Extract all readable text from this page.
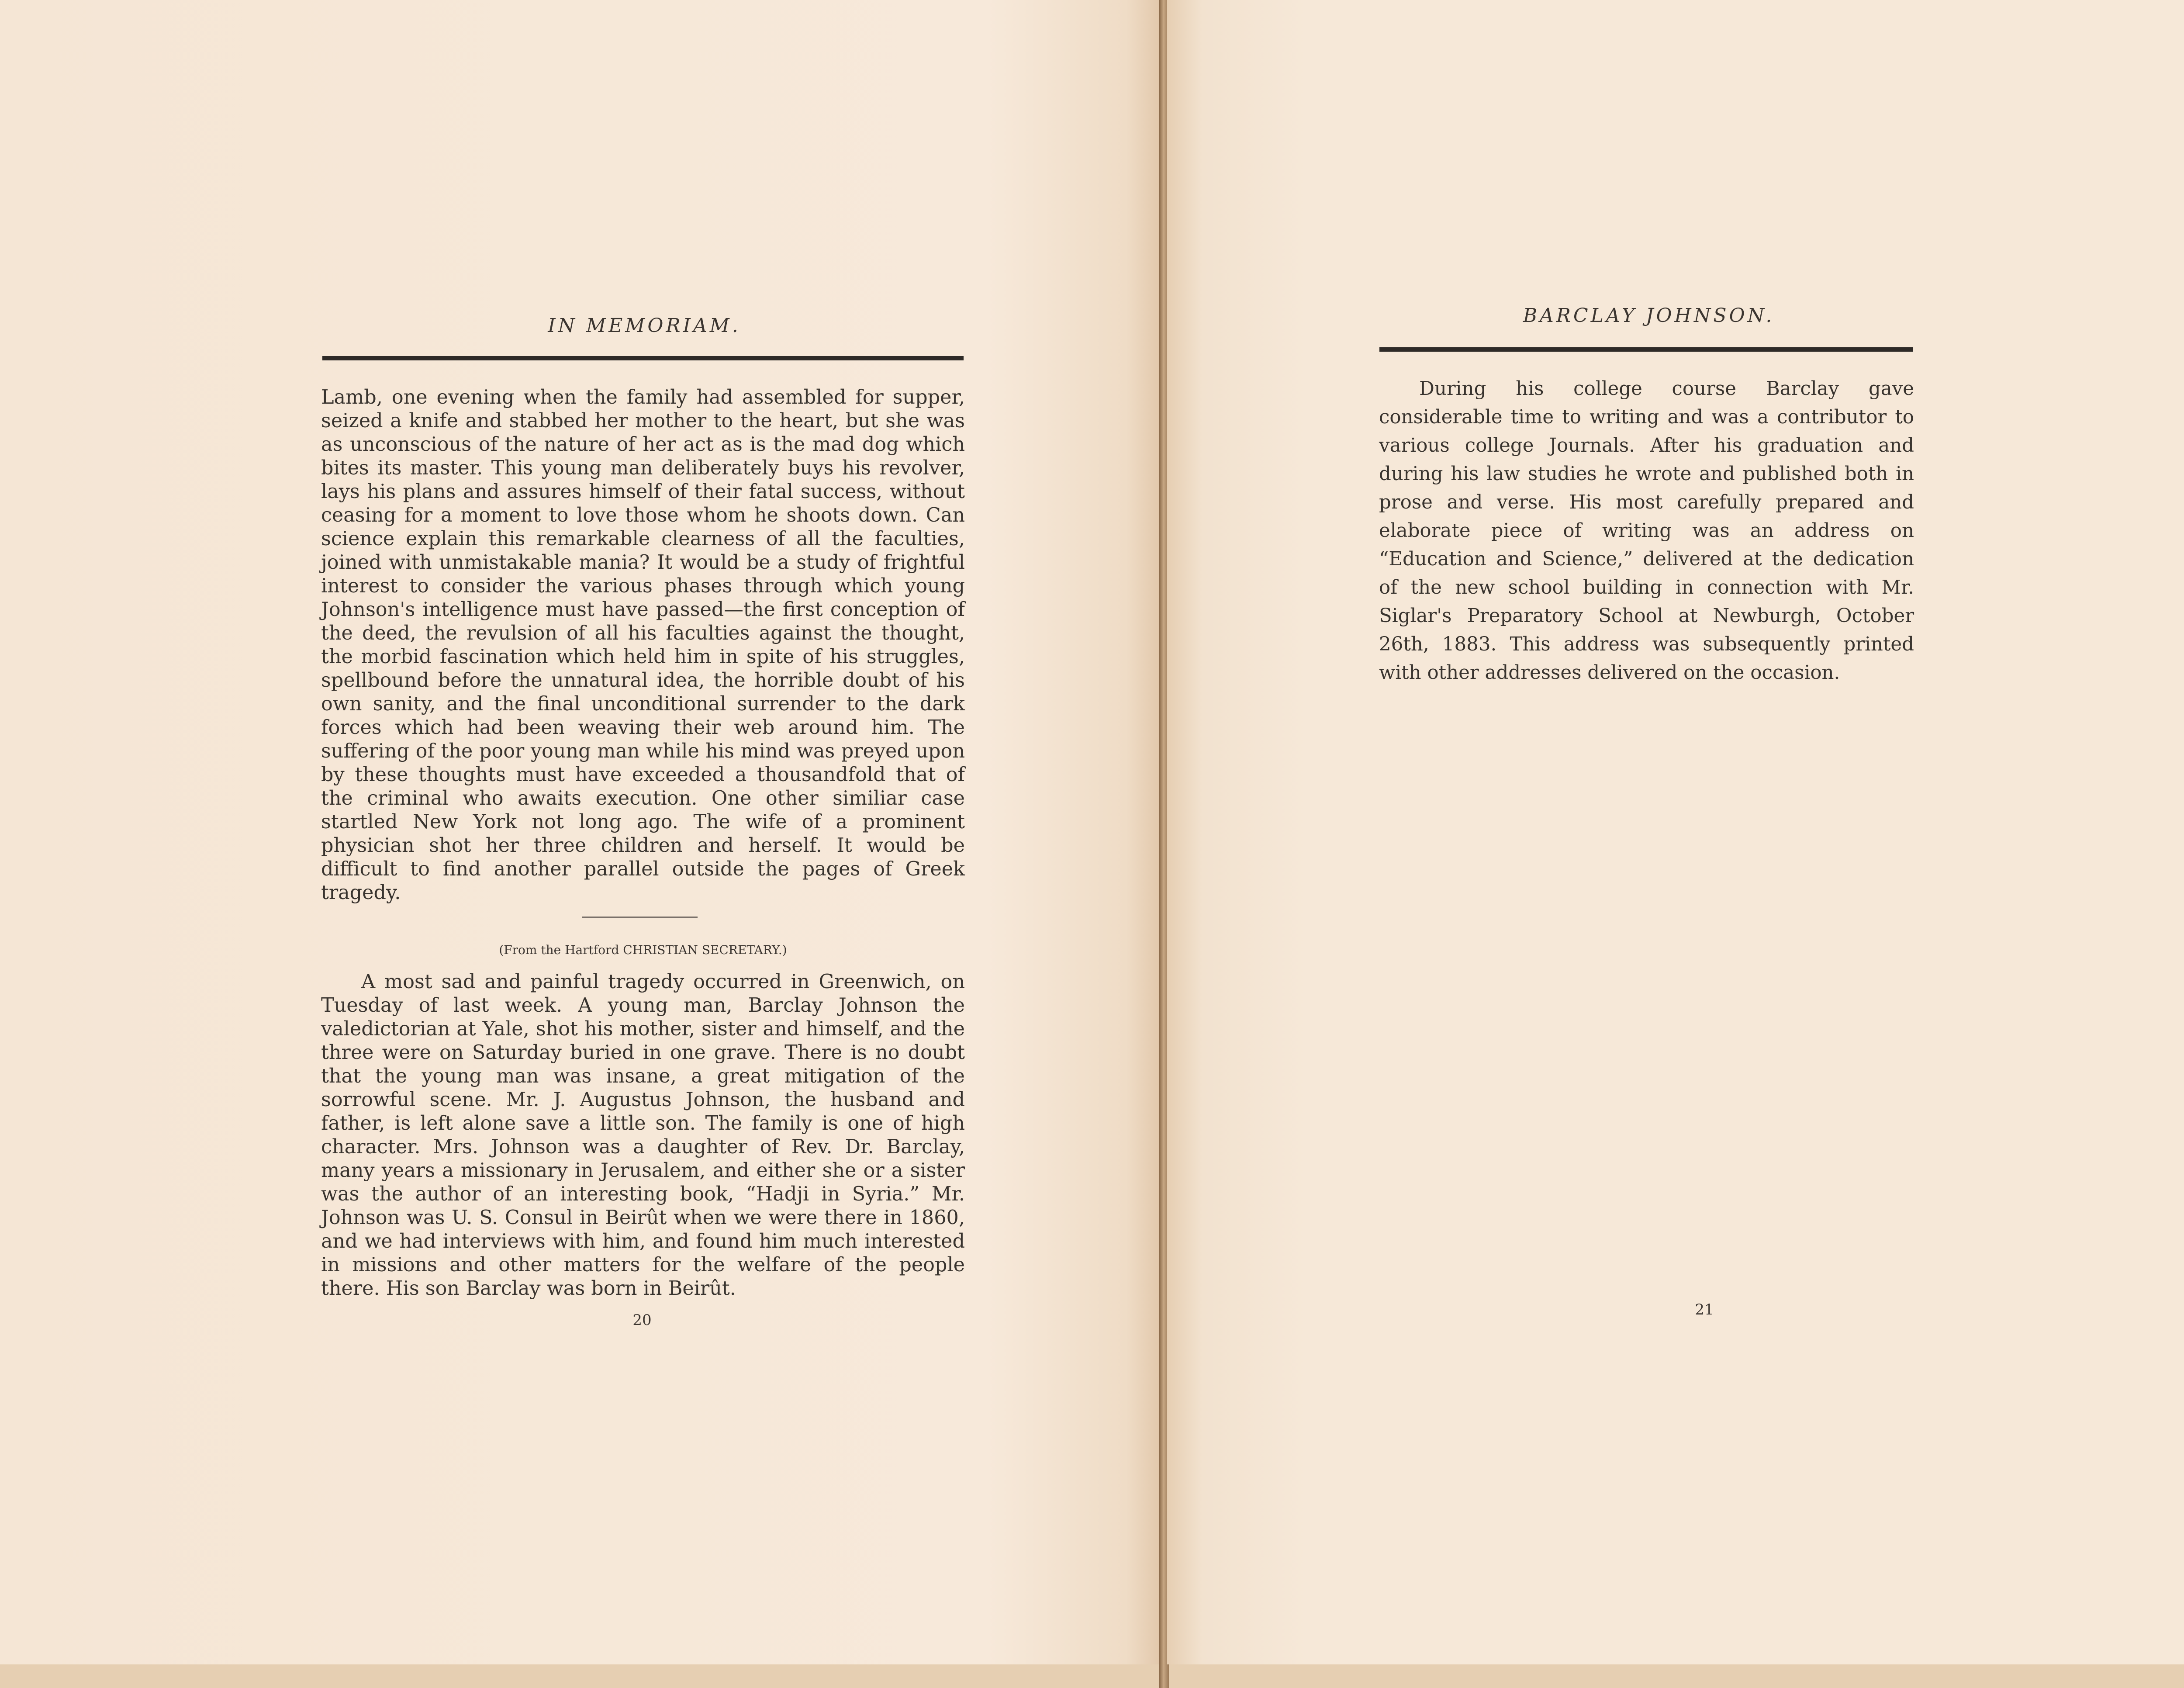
IN MEMORIAM.

Lamb, one evening when the family had assembled for supper, seized a knife and stabbed her mother to the heart, but she was as unconscious of the nature of her act as is the mad dog which bites its master. This young man deliberately buys his revolver, lays his plans and assures himself of their fatal success, without ceasing for a moment to love those whom he shoots down. Can science explain this remarkable clearness of all the faculties, joined with unmistakable mania? It would be a study of frightful interest to consider the various phases through which young Johnson's intelligence must have passed—the first conception of the deed, the revulsion of all his faculties against the thought, the morbid fascination which held him in spite of his struggles, spellbound before the unnatural idea, the horrible doubt of his own sanity, and the final unconditional surrender to the dark forces which had been weaving their web around him. The suffering of the poor young man while his mind was preyed upon by these thoughts must have exceeded a thousandfold that of the criminal who awaits execution. One other similiar case startled New York not long ago. The wife of a prominent physician shot her three children and herself. It would be difficult to find another parallel outside the pages of Greek tragedy.

(From the Hartford CHRISTIAN SECRETARY.)

A most sad and painful tragedy occurred in Greenwich, on Tuesday of last week. A young man, Barclay Johnson the valedictorian at Yale, shot his mother, sister and himself, and the three were on Saturday buried in one grave. There is no doubt that the young man was insane, a great mitigation of the sorrowful scene. Mr. J. Augustus Johnson, the husband and father, is left alone save a little son. The family is one of high character. Mrs. Johnson was a daughter of Rev. Dr. Barclay, many years a missionary in Jerusalem, and either she or a sister was the author of an interesting book, “Hadji in Syria.” Mr. Johnson was U. S. Consul in Beirût when we were there in 1860, and we had interviews with him, and found him much interested in missions and other matters for the welfare of the people there. His son Barclay was born in Beirût.

20
BARCLAY JOHNSON.

During his college course Barclay gave considerable time to writing and was a contributor to various college Journals. After his graduation and during his law studies he wrote and published both in prose and verse. His most carefully prepared and elaborate piece of writing was an address on “Education and Science,” delivered at the dedication of the new school building in connection with Mr. Siglar's Preparatory School at Newburgh, October 26th, 1883. This address was subsequently printed with other addresses delivered on the occasion.

21
